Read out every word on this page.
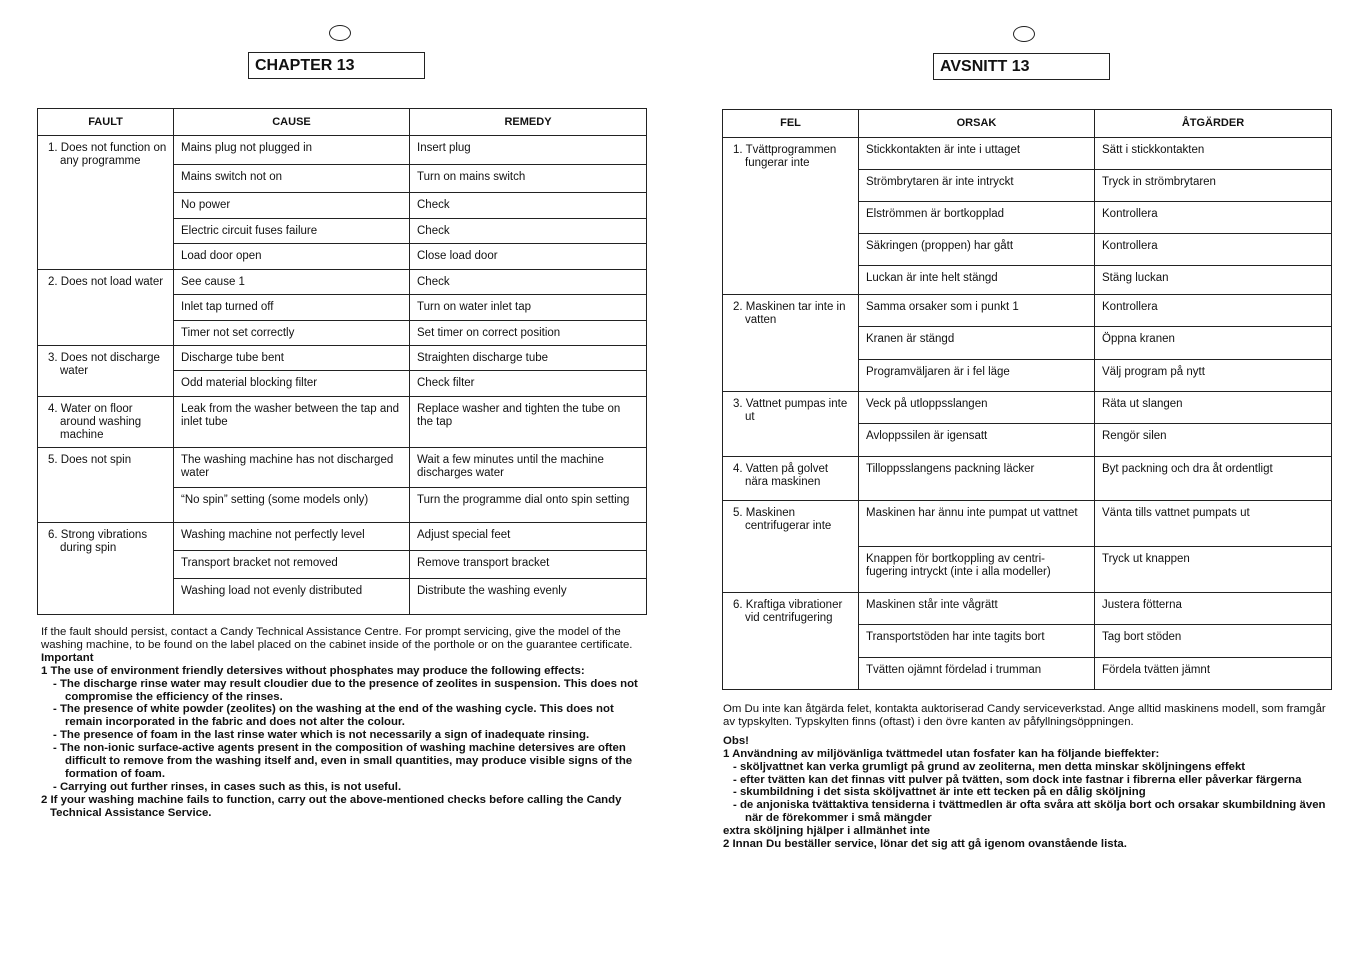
CHAPTER 13
FAULT	CAUSE	REMEDY
1. Does not function on any programme	Mains plug not plugged in	Insert plug
	Mains switch not on	Turn on mains switch
	No power	Check
	Electric circuit fuses failure	Check
	Load door open	Close load door
2. Does not load water	See cause 1	Check
	Inlet tap turned off	Turn on water inlet tap
	Timer not set correctly	Set timer on correct position
3. Does not discharge water	Discharge tube bent	Straighten discharge tube
	Odd material blocking filter	Check filter
4. Water on floor around washing machine	Leak from the washer between the tap and inlet tube	Replace washer and tighten the tube on the tap
5. Does not spin	The washing machine has not discharged water	Wait a few minutes until the machine discharges water
	“No spin” setting (some models only)	Turn the programme dial onto spin setting
6. Strong vibrations during spin	Washing machine not perfectly level	Adjust special feet
	Transport bracket not removed	Remove transport bracket
	Washing load not evenly distributed	Distribute the washing evenly
If the fault should persist, contact a Candy Technical Assistance Centre. For prompt servicing, give the model of the washing machine, to be found on the label placed on the cabinet inside of the porthole or on the guarantee certificate.
Important
1 The use of environment friendly detersives without phosphates may produce the following effects:
- The discharge rinse water may result cloudier due to the presence of zeolites in suspension. This does not compromise the efficiency of the rinses.
- The presence of white powder (zeolites) on the washing at the end of the washing cycle. This does not remain incorporated in the fabric and does not alter the colour.
- The presence of foam in the last rinse water which is not necessarily a sign of inadequate rinsing.
- The non-ionic surface-active agents present in the composition of washing machine detersives are often difficult to remove from the washing itself and, even in small quantities, may produce visible signs of the formation of foam.
- Carrying out further rinses, in cases such as this, is not useful.
2 If your washing machine fails to function, carry out the above-mentioned checks before calling the Candy Technical Assistance Service.
AVSNITT 13
FEL	ORSAK	ÅTGÄRDER
1. Tvättprogrammen fungerar inte	Stickkontakten är inte i uttaget	Sätt i stickkontakten
	Strömbrytaren är inte intryckt	Tryck in strömbrytaren
	Elströmmen är bortkopplad	Kontrollera
	Säkringen (proppen) har gått	Kontrollera
	Luckan är inte helt stängd	Stäng luckan
2. Maskinen tar inte in vatten	Samma orsaker som i punkt 1	Kontrollera
	Kranen är stängd	Öppna kranen
	Programväljaren är i fel läge	Välj program på nytt
3. Vattnet pumpas inte ut	Veck på utloppsslangen	Räta ut slangen
	Avloppssilen är igensatt	Rengör silen
4. Vatten på golvet nära maskinen	Tilloppsslangens packning läcker	Byt packning och dra åt ordentligt
5. Maskinen centrifugerar inte	Maskinen har ännu inte pumpat ut vattnet	Vänta tills vattnet pumpats ut
	Knappen för bortkoppling av centri- fugering intryckt (inte i alla modeller)	Tryck ut knappen
6. Kraftiga vibrationer vid centrifugering	Maskinen står inte vågrätt	Justera fötterna
	Transportstöden har inte tagits bort	Tag bort stöden
	Tvätten ojämnt fördelad i trumman	Fördela tvätten jämnt
Om Du inte kan åtgärda felet, kontakta auktoriserad Candy serviceverkstad. Ange alltid maskinens modell, som framgår av typskylten. Typskylten finns (oftast) i den övre kanten av påfyllningsöppningen.
Obs!
1 Användning av miljövänliga tvättmedel utan fosfater kan ha följande bieffekter:
- sköljvattnet kan verka grumligt på grund av zeoliterna, men detta minskar sköljningens effekt
- efter tvätten kan det finnas vitt pulver på tvätten, som dock inte fastnar i fibrerna eller påverkar färgerna
- skumbildning i det sista sköljvattnet är inte ett tecken på en dålig sköljning
- de anjoniska tvättaktiva tensiderna i tvättmedlen är ofta svåra att skölja bort och orsakar skumbildning även när de förekommer i små mängder
extra sköljning hjälper i allmänhet inte
2 Innan Du beställer service, lönar det sig att gå igenom ovanstående lista.
